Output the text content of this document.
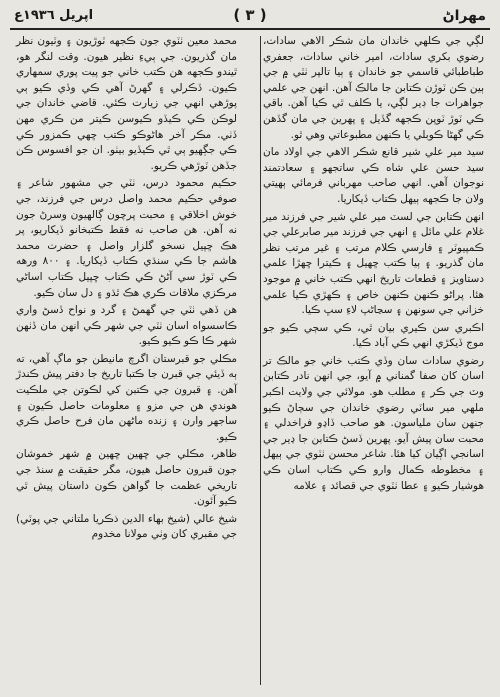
مهراڻ
( ٣ )
اپريل ١٩٣٦ع

لڳي جي ڪلهي خاندان مان شڪر الاهي سادات، رضوي بکري سادات، امير خاني سادات، جعفري طباطبائي قاسمي جو خاندان ۽ ٻيا تالپر ٺٽي ۾ جي ٻين ڪن ٽوڙن ڪتابن جا مالڪ آهن. انهن جي علمي جواهرات جا ڊير لڳي، يا ڪلف ٿي ڪيا آهن. باقي ڪي ٽوڙ ٽوپن ڪجهه گڏيل ۽ پهرين جي مان گڏهن ڪي گهڻا ڪوبلي يا ڪنهن مطبوعاتي وهي ٿو.

سيد مير علي شير قانع شڪر الاهي جي اولاد مان سيد حسن علي شاه ڪي ساتجهو ۽ سعادتمند نوجوان آهي. انهي صاحب مهرباني فرمائي ٻهيتي ولان جا ڪجهه ٻيهل ڪتاب ڏيکاريا.

انهن ڪتابن جي لسٽ مير علي شير جي فرزند مير غلام علي مائل ۽ انهي جي فرزند مير صابرعلي جي ڪمپيوٽر ۽ فارسي ڪلام مرتب ۽ غير مرتب نظر مان گذريو. ۽ ٻيا ڪتب ڇهيل ۽ ڪيترا ڇهڙا علمي دستاويز ۽ قطعات تاريخ انهي ڪتب خاني ۾ موجود هئا. پراڻو ڪنهن ڪنهن خاص ۽ ڪهڙي ڪيا علمي خزاني جي سونهن ۽ سڃاڻپ لاءِ سڀ ڪيا.

اڪبري سن ڪيري بيان ٿي، ڪي سڄي ڪيو جو موج ڏيکڙي انهي ڪي آباد ڪيا.

رضوي سادات سان وڏي ڪتب خاني جو مالڪ تر اسان کان صفا گمناني ۾ آيو، جي انهن نادر ڪتابن وٽ جي ڪر ۽ مطلب هو. مولائي جي ولايت اڪبر ملهي مير ساٽي رضوي خاندان جي سڄاڻ ڪيو جنهن سان ملياسون. هو صاحب ڏاڍو فراخدلي ۽ محبت سان پيش آيو. پهرين ڏسڻ ڪتابن جا ڍير جي اسانجي اڳيان کيا هئا. شاعر محسن ٺٽوي جي ٻيهل ۽ مخطوطه ڪمال وارو ڪي ڪتاب اسان ڪي هوشيار ڪيو ۽ عطا ٺٽوي جي قصائد ۽ علامه

محمد معين ٺٽوي جون ڪجهه ٽوڙيون ۽ وٽيون نظر مان گذريون. جي ٻيءِ نظير هيون. وقت لنگر هو، ٿيندو ڪجهه هن ڪتب خاني جو پيت پوري سمهاري ڪيون. ڏڪرلي ۽ گهرڻ آهي ڪي وڏي ڪيو ٻي پوڙهي انهي جي زيارت ڪئي. قاضي خاندان جي لوڪن ڪي ڪيڏو ڪيوسن ڪيتر من ڪري مهن ڏٺي. مڪر آخر هاڻوڪو ڪتب ڇهي ڪمزور ڪي ڪي جڳهيو ٻي ٿي ڪيڏيو بيٺو. ان جو افسوس ڪن جڏهن ٽوڙهي ڪريو.

حڪيم محمود درس، ٺٽي جي مشهور شاعر ۽ صوفي حڪيم محمد واصل درس جي فرزند، جي خوش اخلاقي ۽ محبت پرچون ڳالهيون وسرڻ جون نه آهن. هن صاحب نه فقط ڪتبخانو ڏيکاريو، پر هڪ ڇپيل نسخو گلزار واصل ۽ حضرت محمد هاشم جا ڪي سنڌي ڪتاب ڏيکاريا. ۽ ٨٠٠ ورهه ڪي ٽوڙ سي آڻڻ ڪي ڪتاب ڇپيل ڪتاب اساڻي مرڪزي ملاقات ڪري هڪ ٿڌو ۽ دل سان ڪيو.

هن ڏهي ٺٽي جي گهمڻ ۽ گرد و نواح ڏسڻ واري ڪاسسواه اسان ٺٽي جي شهر ڪي انهن مان ڏٺهن شهر ڪا ڪو ڪيو ڪيو.

مڪلي جو قبرستان اگرچ مانيطن جو ماڳ آهي، ته ٻه ڏيئي جي قبرن جا ڪتبا تاريخ جا دفتر پيش ڪندڙ آهن. ۽ قبرون جي ڪتبن کي لڪوتن جي ملڪيت هوندي هن جي مزو ۽ معلومات حاصل ڪيون ۽ ساجهر وارن ۽ زنده ماڻهن مان فرح حاصل ڪري ڪيو.

ظاهر، مڪلي جي ڇهين ڇهين ۾ شهر خموشان جون قبرون حاصل هيون، مگر حقيقت ۾ سنڌ جي تاريخي عظمت جا گواهن ڪون داستان پيش ٿي ڪيو آئون.

شيخ عالي (شيخ بهاء الدين ذڪريا ملتاني جي پوٽي) جي مقبري کان وٺي مولانا مخدوم
